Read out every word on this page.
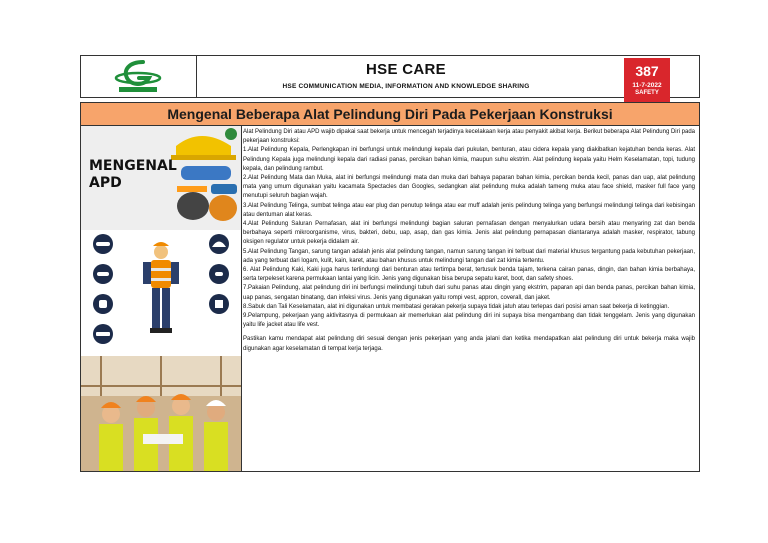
HSE CARE
HSE COMMUNICATION MEDIA, INFORMATION AND KNOWLEDGE SHARING
387
11-7-2022
SAFETY
Mengenal Beberapa Alat Pelindung Diri Pada Pekerjaan Konstruksi
MENGENAL
APD

Alat Pelindung Diri atau APD wajib dipakai saat bekerja untuk mencegah terjadinya kecelakaan kerja atau penyakit akibat kerja. Berikut beberapa Alat Pelindung Diri pada pekerjaan konstruksi:

1.Alat Pelindung Kepala, Perlengkapan ini berfungsi untuk melindungi kepala dari pukulan, benturan, atau cidera kepala yang diakibatkan kejatuhan benda keras. Alat Pelindung Kepala juga melindungi kepala dari radiasi panas, percikan bahan kimia, maupun suhu ekstrim. Alat pelindung kepala yaitu Helm Keselamatan, topi, tudung kepala, dan pelindung rambut.

2.Alat Pelindung Mata dan Muka, alat ini berfungsi melindungi mata dan muka dari bahaya paparan bahan kimia, percikan benda kecil, panas dan uap, alat pelindung mata yang umum digunakan yaitu kacamata Spectacles dan Googles, sedangkan alat pelindung muka adalah tameng muka atau face shield, masker full face yang menutupi seluruh bagian wajah.

3.Alat Pelindung Telinga, sumbat telinga atau ear plug dan penutup telinga atau ear muff adalah jenis pelindung telinga yang berfungsi melindungi telinga dari kebisingan atau dentuman alat keras.

4.Alat Pelindung Saluran Pernafasan, alat ini berfungsi melindungi bagian saluran pernafasan dengan menyalurkan udara bersih atau menyaring zat dan benda berbahaya seperti mikroorganisme, virus, bakteri, debu, uap, asap, dan gas kimia. Jenis alat pelindung pernapasan diantaranya adalah masker, respirator, tabung oksigen regulator untuk pekerja didalam air.

5.Alat Pelindung Tangan, sarung tangan adalah jenis alat pelindung tangan, namun sarung tangan ini terbuat dari material khusus tergantung pada kebutuhan pekerjaan, ada yang terbuat dari logam, kulit, kain, karet, atau bahan khusus untuk melindungi tangan dari zat kimia tertentu.

6. Alat Pelindung Kaki, Kaki juga harus terlindungi dari benturan atau tertimpa berat, tertusuk benda tajam, terkena cairan panas, dingin, dan bahan kimia berbahaya, serta terpeleset karena permukaan lantai yang licin. Jenis yang digunakan bisa berupa sepatu karet, boot, dan safety shoes.

7.Pakaian Pelindung, alat pelindung diri ini berfungsi melindungi tubuh dari suhu panas atau dingin yang ekstrim, paparan api dan benda panas, percikan bahan kimia, uap panas, sengatan binatang, dan infeksi virus. Jenis yang digunakan yaitu rompi vest, appron, coverall, dan jaket.

8.Sabuk dan Tali Keselamatan, alat ini digunakan untuk membatasi gerakan pekerja supaya tidak jatuh atau terlepas dari posisi aman saat bekerja di ketinggian.

9.Pelampung, pekerjaan yang aktivitasnya di permukaan air memerlukan alat pelindung diri ini supaya bisa mengambang dan tidak tenggelam. Jenis yang digunakan yaitu life jacket atau life vest.

Pastikan kamu mendapat alat pelindung diri sesuai dengan jenis pekerjaan yang anda jalani dan ketika mendapatkan alat pelindung diri untuk bekerja maka wajib digunakan agar keselamatan di tempat kerja terjaga.
